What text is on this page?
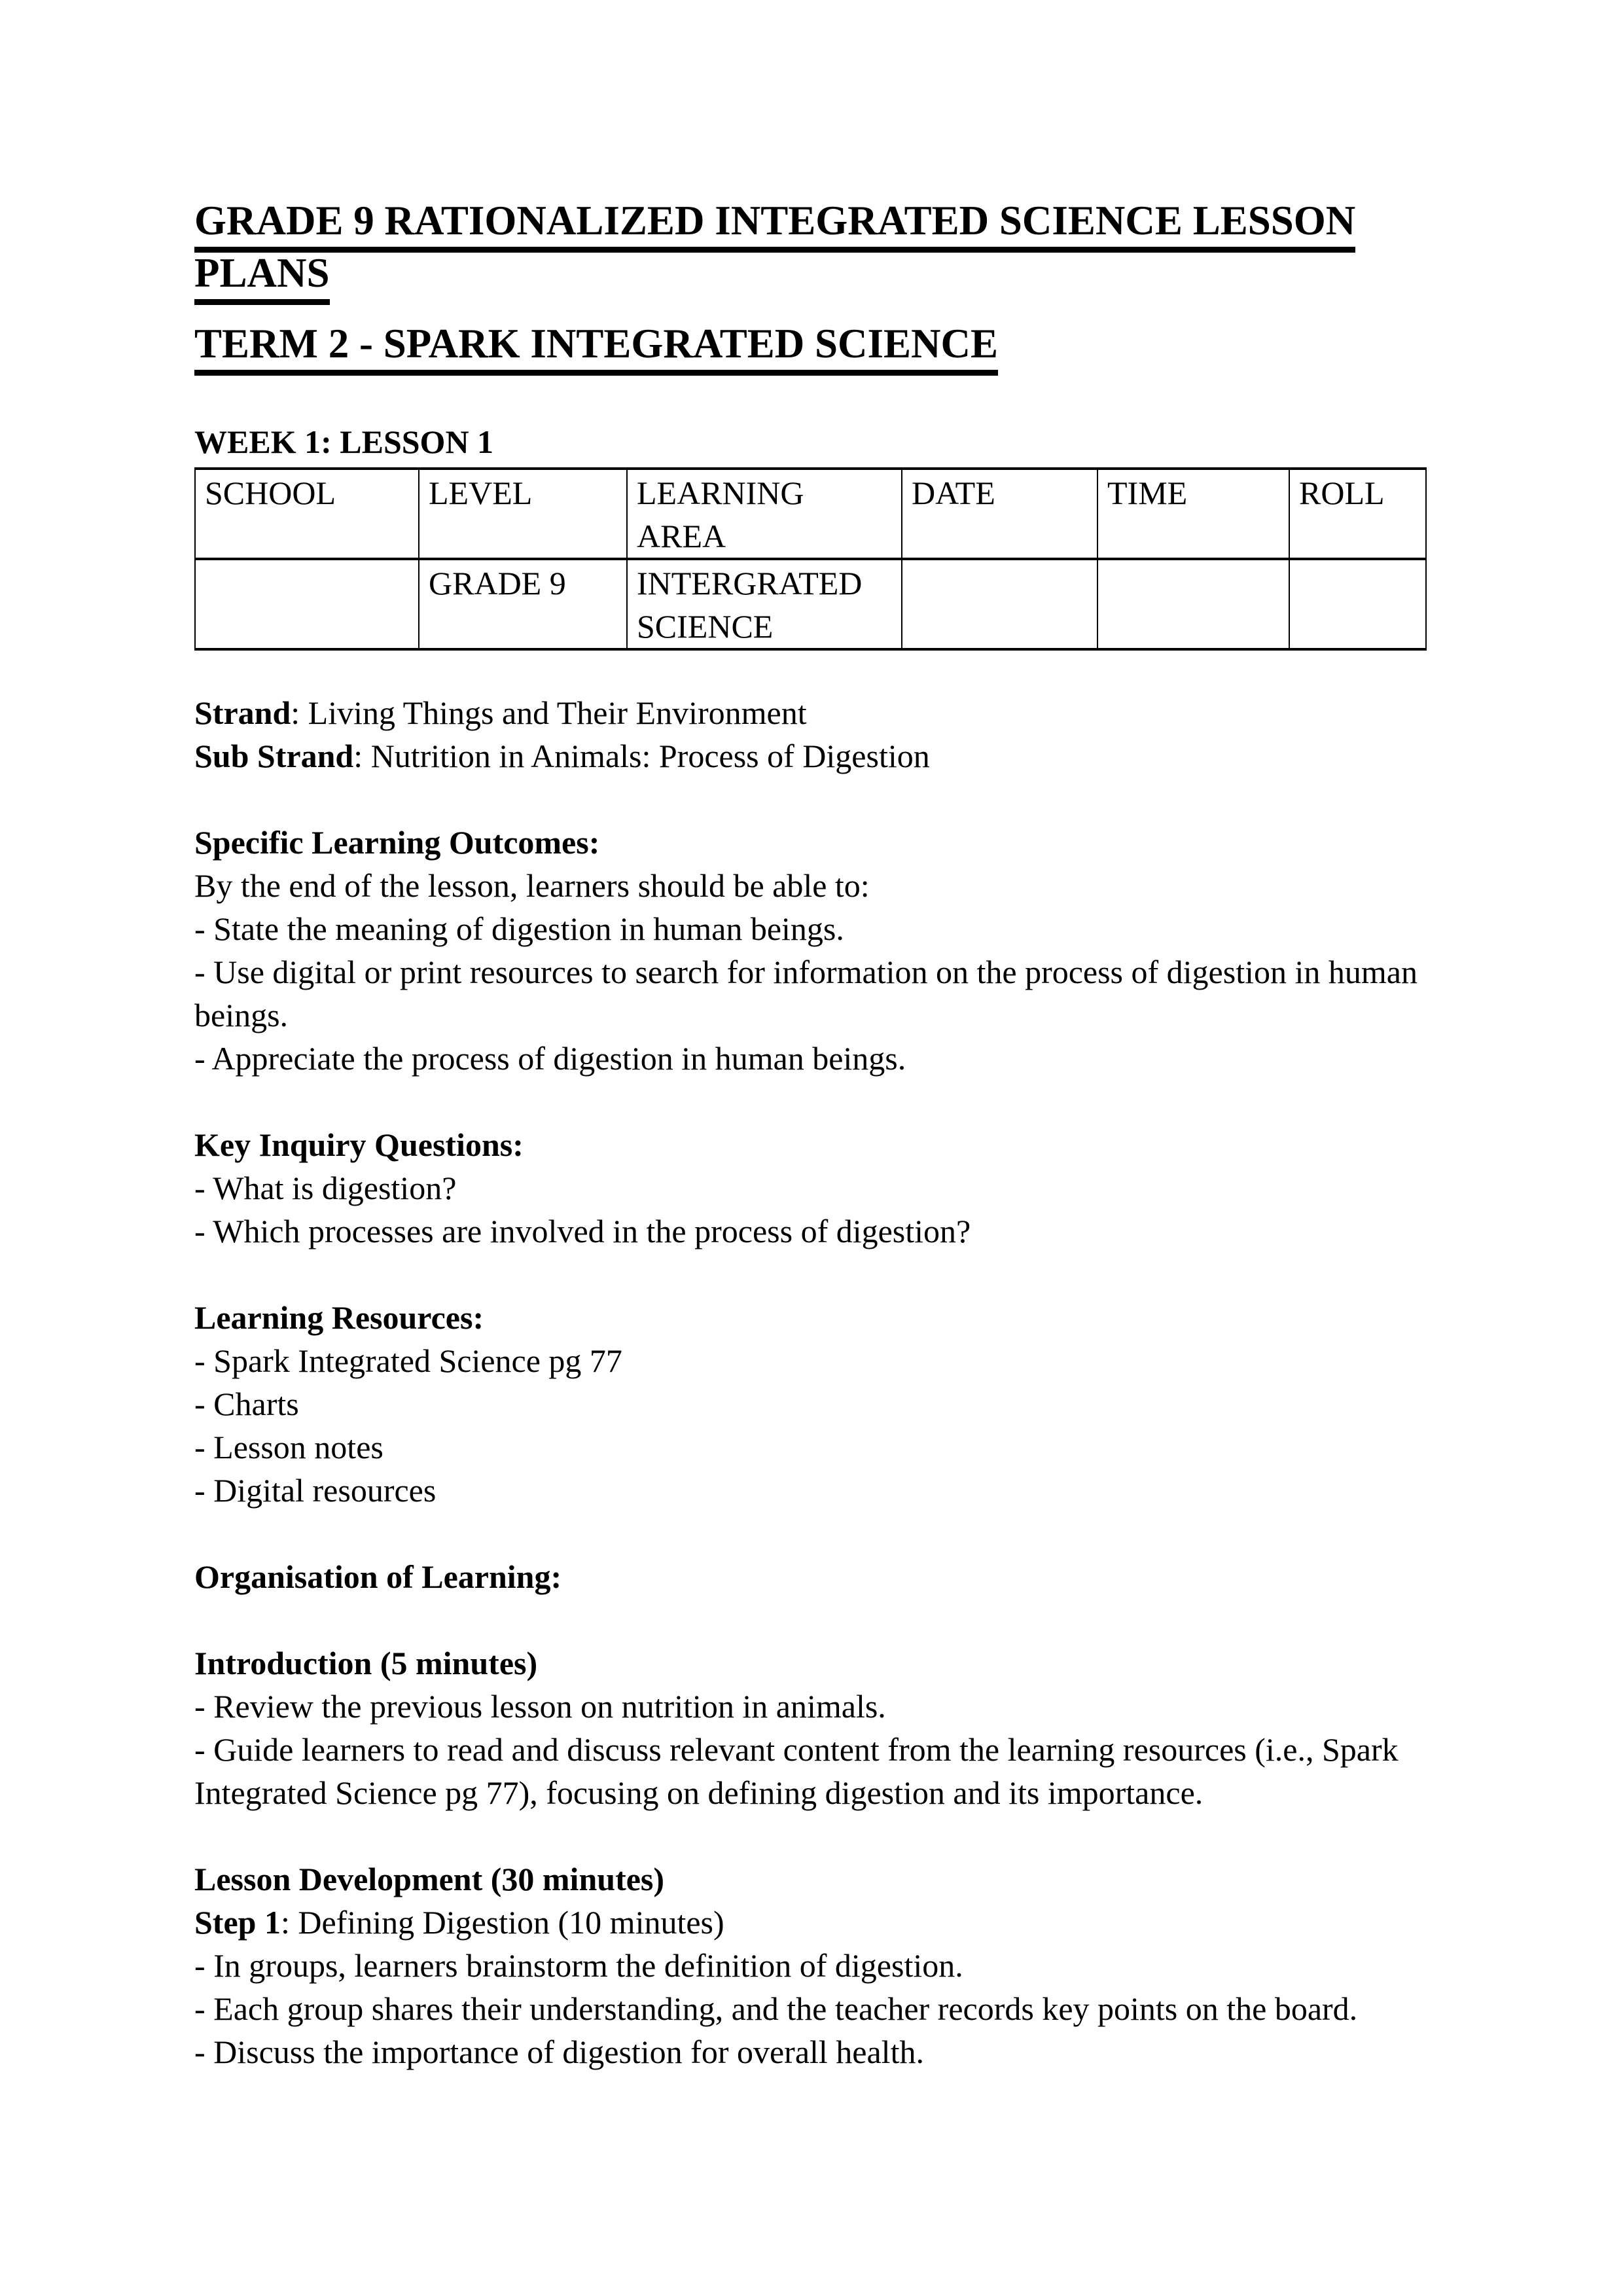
GRADE 9 RATIONALIZED INTEGRATED SCIENCE LESSON PLANS
TERM 2 - SPARK INTEGRATED SCIENCE
WEEK 1: LESSON 1
SCHOOL	LEVEL	LEARNING AREA	DATE	TIME	ROLL
	GRADE 9	INTERGRATED SCIENCE			
Strand: Living Things and Their Environment
Sub Strand: Nutrition in Animals: Process of Digestion
Specific Learning Outcomes:
By the end of the lesson, learners should be able to:
- State the meaning of digestion in human beings.
- Use digital or print resources to search for information on the process of digestion in human beings.
- Appreciate the process of digestion in human beings.
Key Inquiry Questions:
- What is digestion?
- Which processes are involved in the process of digestion?
Learning Resources:
- Spark Integrated Science pg 77
- Charts
- Lesson notes
- Digital resources
Organisation of Learning:
Introduction (5 minutes)
- Review the previous lesson on nutrition in animals.
- Guide learners to read and discuss relevant content from the learning resources (i.e., Spark Integrated Science pg 77), focusing on defining digestion and its importance.
Lesson Development (30 minutes)
Step 1: Defining Digestion (10 minutes)
- In groups, learners brainstorm the definition of digestion.
- Each group shares their understanding, and the teacher records key points on the board.
- Discuss the importance of digestion for overall health.
